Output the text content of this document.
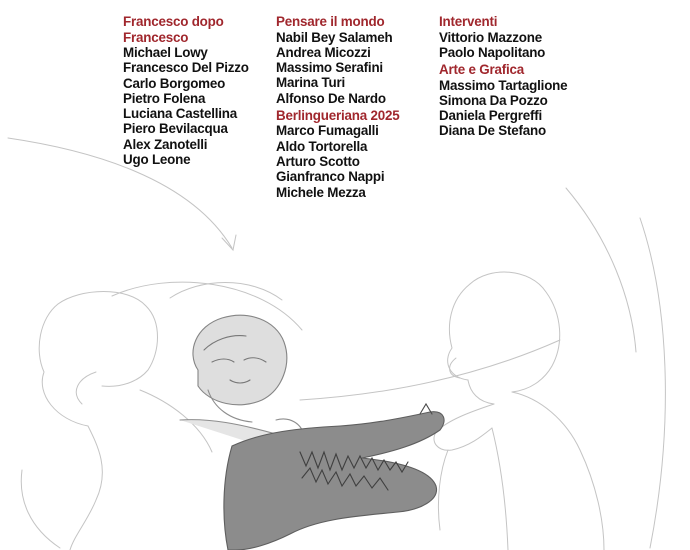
Francesco dopo Francesco
Michael Lowy
Francesco Del Pizzo
Carlo Borgomeo
Pietro Folena
Luciana Castellina
Piero Bevilacqua
Alex Zanotelli
Ugo Leone
Pensare il mondo
Nabil Bey Salameh
Andrea Micozzi
Massimo Serafini
Marina Turi
Alfonso De Nardo
Berlingueriana 2025
Marco Fumagalli
Aldo Tortorella
Arturo Scotto
Gianfranco Nappi
Michele Mezza
Interventi
Vittorio Mazzone
Paolo Napolitano
Arte e Grafica
Massimo Tartaglione
Simona Da Pozzo
Daniela Pergreffi
Diana De Stefano
